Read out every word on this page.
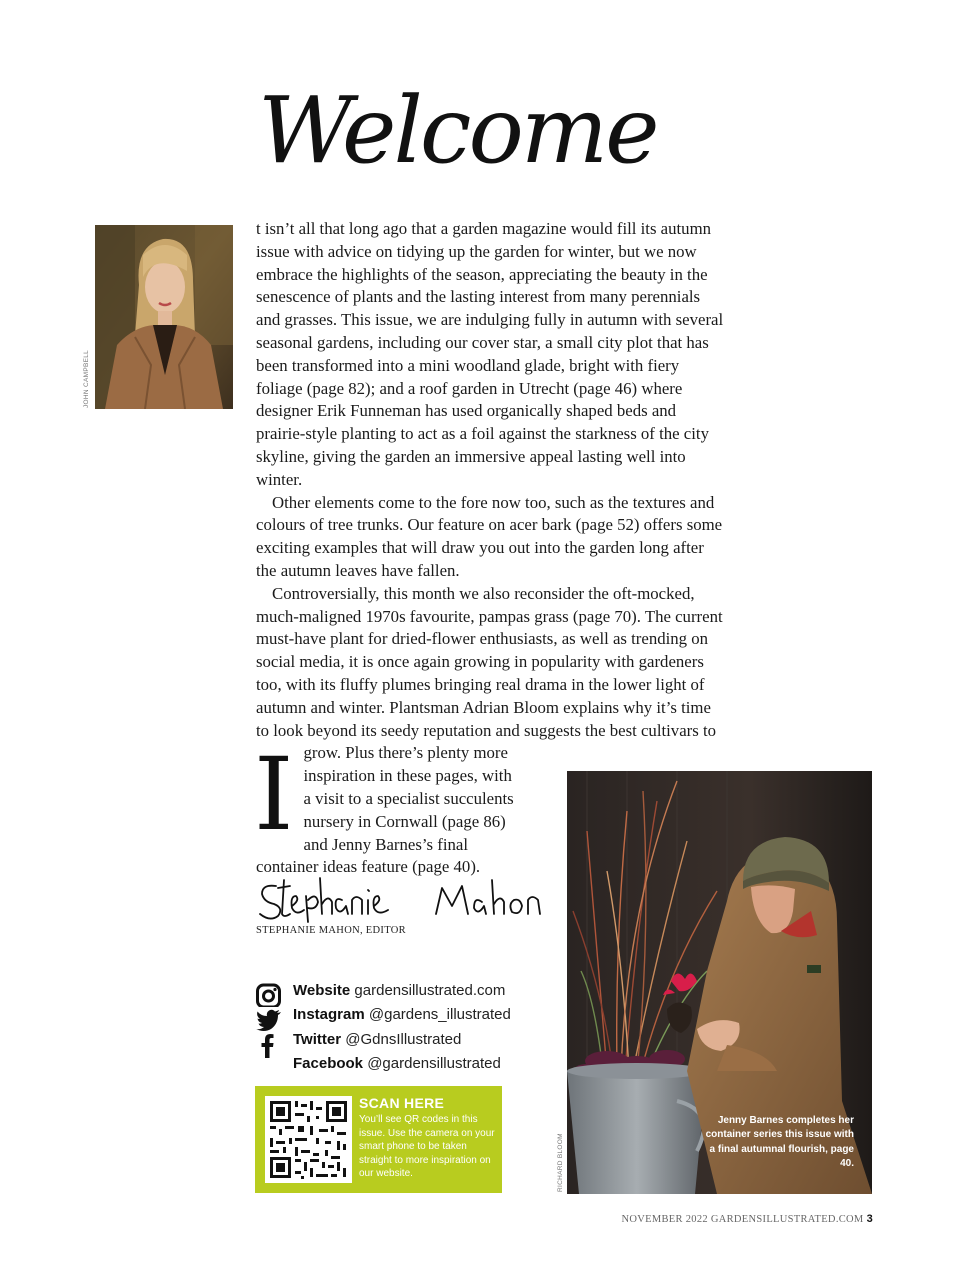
Welcome
JOHN CAMPBELL

I
t isn’t all that long ago that a garden magazine would fill its autumn issue with advice on tidying up the garden for winter, but we now embrace the highlights of the season, appreciating the beauty in the senescence of plants and the lasting interest from many perennials and grasses. This issue, we are indulging fully in autumn with several seasonal gardens, including our cover star, a small city plot that has been transformed into a mini woodland glade, bright with fiery foliage (page 82); and a roof garden in Utrecht (page 46) where designer Erik Funneman has used organically shaped beds and prairie-style planting to act as a foil against the starkness of the city skyline, giving the garden an immersive appeal lasting well into winter.

Other elements come to the fore now too, such as the textures and colours of tree trunks. Our feature on acer bark (page 52) offers some exciting examples that will draw you out into the garden long after the autumn leaves have fallen.

Controversially, this month we also reconsider the oft-mocked, much-maligned 1970s favourite, pampas grass (page 70). The current must-have plant for dried-flower enthusiasts, as well as trending on social media, it is once again growing in popularity with gardeners too, with its fluffy plumes bringing real drama in the lower light of autumn and winter. Plantsman Adrian Bloom explains why it’s time to look beyond its seedy reputation and suggests the best cultivars to grow. Plus there’s plenty more inspiration in these pages, with a visit to a specialist succulents nursery in Cornwall (page 86) and Jenny Barnes’s final container ideas feature (page 40).

STEPHANIE MAHON, EDITOR
Website gardensillustrated.com
Instagram @gardens_illustrated
Twitter @GdnsIllustrated
Facebook @gardensillustrated
SCAN HERE
You’ll see QR codes in this issue. Use the camera on your smart phone to be taken straight to more inspiration on our website.
Jenny Barnes completes her container series this issue with a final autumnal flourish, page 40.
RICHARD BLOOM
NOVEMBER 2022 GARDENSILLUSTRATED.COM 3
